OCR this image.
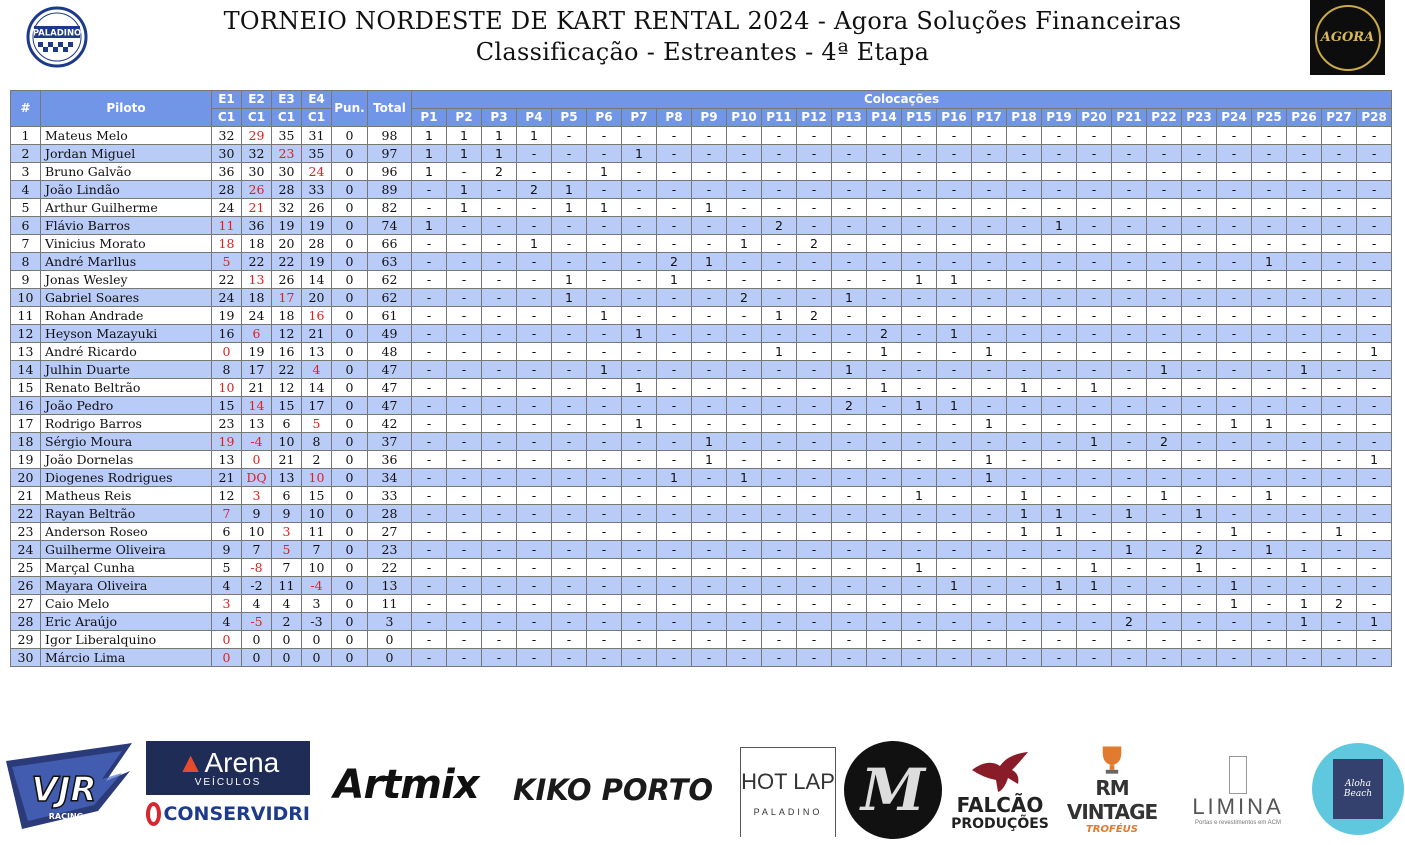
PALADINO	TORNEIO NORDESTE DE KART RENTAL 2024 - Agora Soluções Financeiras
Classificação - Estreantes - 4ª Etapa
AGORA
#	Piloto	E1	E2	E3	E4	Pun.	Total	Colocações																											
		C1	C1	C1	C1			P1	P2	P3	P4	P5	P6	P7	P8	P9	P10	P11	P12	P13	P14	P15	P16	P17	P18	P19	P20	P21	P22	P23	P24	P25	P26	P27	P28
1	Mateus Melo	32	29	35	31	0	98	1	1	1	1	-	-	-	-	-	-	-	-	-	-	-	-	-	-	-	-	-	-	-	-	-	-	-	-
2	Jordan Miguel	30	32	23	35	0	97	1	1	1	-	-	-	1	-	-	-	-	-	-	-	-	-	-	-	-	-	-	-	-	-	-	-	-	-
3	Bruno Galvão	36	30	30	24	0	96	1	-	2	-	-	1	-	-	-	-	-	-	-	-	-	-	-	-	-	-	-	-	-	-	-	-	-	-
4	João Lindão	28	26	28	33	0	89	-	1	-	2	1	-	-	-	-	-	-	-	-	-	-	-	-	-	-	-	-	-	-	-	-	-	-	-
5	Arthur Guilherme	24	21	32	26	0	82	-	1	-	-	1	1	-	-	1	-	-	-	-	-	-	-	-	-	-	-	-	-	-	-	-	-	-	-
6	Flávio Barros	11	36	19	19	0	74	1	-	-	-	-	-	-	-	-	-	2	-	-	-	-	-	-	-	1	-	-	-	-	-	-	-	-	-
7	Vinicius Morato	18	18	20	28	0	66	-	-	-	1	-	-	-	-	-	1	-	2	-	-	-	-	-	-	-	-	-	-	-	-	-	-	-	-
8	André Marllus	5	22	22	19	0	63	-	-	-	-	-	-	-	2	1	-	-	-	-	-	-	-	-	-	-	-	-	-	-	-	1	-	-	-
9	Jonas Wesley	22	13	26	14	0	62	-	-	-	-	1	-	-	1	-	-	-	-	-	-	1	1	-	-	-	-	-	-	-	-	-	-	-	-
10	Gabriel Soares	24	18	17	20	0	62	-	-	-	-	1	-	-	-	-	2	-	-	1	-	-	-	-	-	-	-	-	-	-	-	-	-	-	-
11	Rohan Andrade	19	24	18	16	0	61	-	-	-	-	-	1	-	-	-	-	1	2	-	-	-	-	-	-	-	-	-	-	-	-	-	-	-	-
12	Heyson Mazayuki	16	6	12	21	0	49	-	-	-	-	-	-	1	-	-	-	-	-	-	2	-	1	-	-	-	-	-	-	-	-	-	-	-	-
13	André Ricardo	0	19	16	13	0	48	-	-	-	-	-	-	-	-	-	-	1	-	-	1	-	-	1	-	-	-	-	-	-	-	-	-	-	1
14	Julhin Duarte	8	17	22	4	0	47	-	-	-	-	-	1	-	-	-	-	-	-	1	-	-	-	-	-	-	-	-	1	-	-	-	1	-	-
15	Renato Beltrão	10	21	12	14	0	47	-	-	-	-	-	-	1	-	-	-	-	-	-	1	-	-	-	1	-	1	-	-	-	-	-	-	-	-
16	João Pedro	15	14	15	17	0	47	-	-	-	-	-	-	-	-	-	-	-	-	2	-	1	1	-	-	-	-	-	-	-	-	-	-	-	-
17	Rodrigo Barros	23	13	6	5	0	42	-	-	-	-	-	-	1	-	-	-	-	-	-	-	-	-	1	-	-	-	-	-	-	1	1	-	-	-
18	Sérgio Moura	19	-4	10	8	0	37	-	-	-	-	-	-	-	-	1	-	-	-	-	-	-	-	-	-	-	1	-	2	-	-	-	-	-	-
19	João Dornelas	13	0	21	2	0	36	-	-	-	-	-	-	-	-	1	-	-	-	-	-	-	-	1	-	-	-	-	-	-	-	-	-	-	1
20	Diogenes Rodrigues	21	DQ	13	10	0	34	-	-	-	-	-	-	-	1	-	1	-	-	-	-	-	-	1	-	-	-	-	-	-	-	-	-	-	-
21	Matheus Reis	12	3	6	15	0	33	-	-	-	-	-	-	-	-	-	-	-	-	-	-	1	-	-	1	-	-	-	1	-	-	1	-	-	-
22	Rayan Beltrão	7	9	9	10	0	28	-	-	-	-	-	-	-	-	-	-	-	-	-	-	-	-	-	1	1	-	1	-	1	-	-	-	-	-
23	Anderson Roseo	6	10	3	11	0	27	-	-	-	-	-	-	-	-	-	-	-	-	-	-	-	-	-	1	1	-	-	-	-	1	-	-	1	-
24	Guilherme Oliveira	9	7	5	7	0	23	-	-	-	-	-	-	-	-	-	-	-	-	-	-	-	-	-	-	-	-	1	-	2	-	1	-	-	-
25	Marçal Cunha	5	-8	7	10	0	22	-	-	-	-	-	-	-	-	-	-	-	-	-	-	1	-	-	-	-	1	-	-	1	-	-	1	-	-
26	Mayara Oliveira	4	-2	11	-4	0	13	-	-	-	-	-	-	-	-	-	-	-	-	-	-	-	1	-	-	1	1	-	-	-	1	-	-	-	-
27	Caio Melo	3	4	4	3	0	11	-	-	-	-	-	-	-	-	-	-	-	-	-	-	-	-	-	-	-	-	-	-	-	1	-	1	2	-
28	Eric Araújo	4	-5	2	-3	0	3	-	-	-	-	-	-	-	-	-	-	-	-	-	-	-	-	-	-	-	-	2	-	-	-	-	1	-	1
29	Igor Liberalquino	0	0	0	0	0	0	-	-	-	-	-	-	-	-	-	-	-	-	-	-	-	-	-	-	-	-	-	-	-	-	-	-	-	-
30	Márcio Lima	0	0	0	0	0	0	-	-	-	-	-	-	-	-	-	-	-	-	-	-	-	-	-	-	-	-	-	-	-	-	-	-	-	-
VJR
RACING
▲Arena
VEÍCULOS
CONSERVIDRI
Artmix KIKO PORTO HOT LAP
PALADINO M FALCÃO
PRODUÇÕES
RM VINTAGE
TROFÉUS
LIMINA
Portas e revestimentos em ACM
Aloha Beach
